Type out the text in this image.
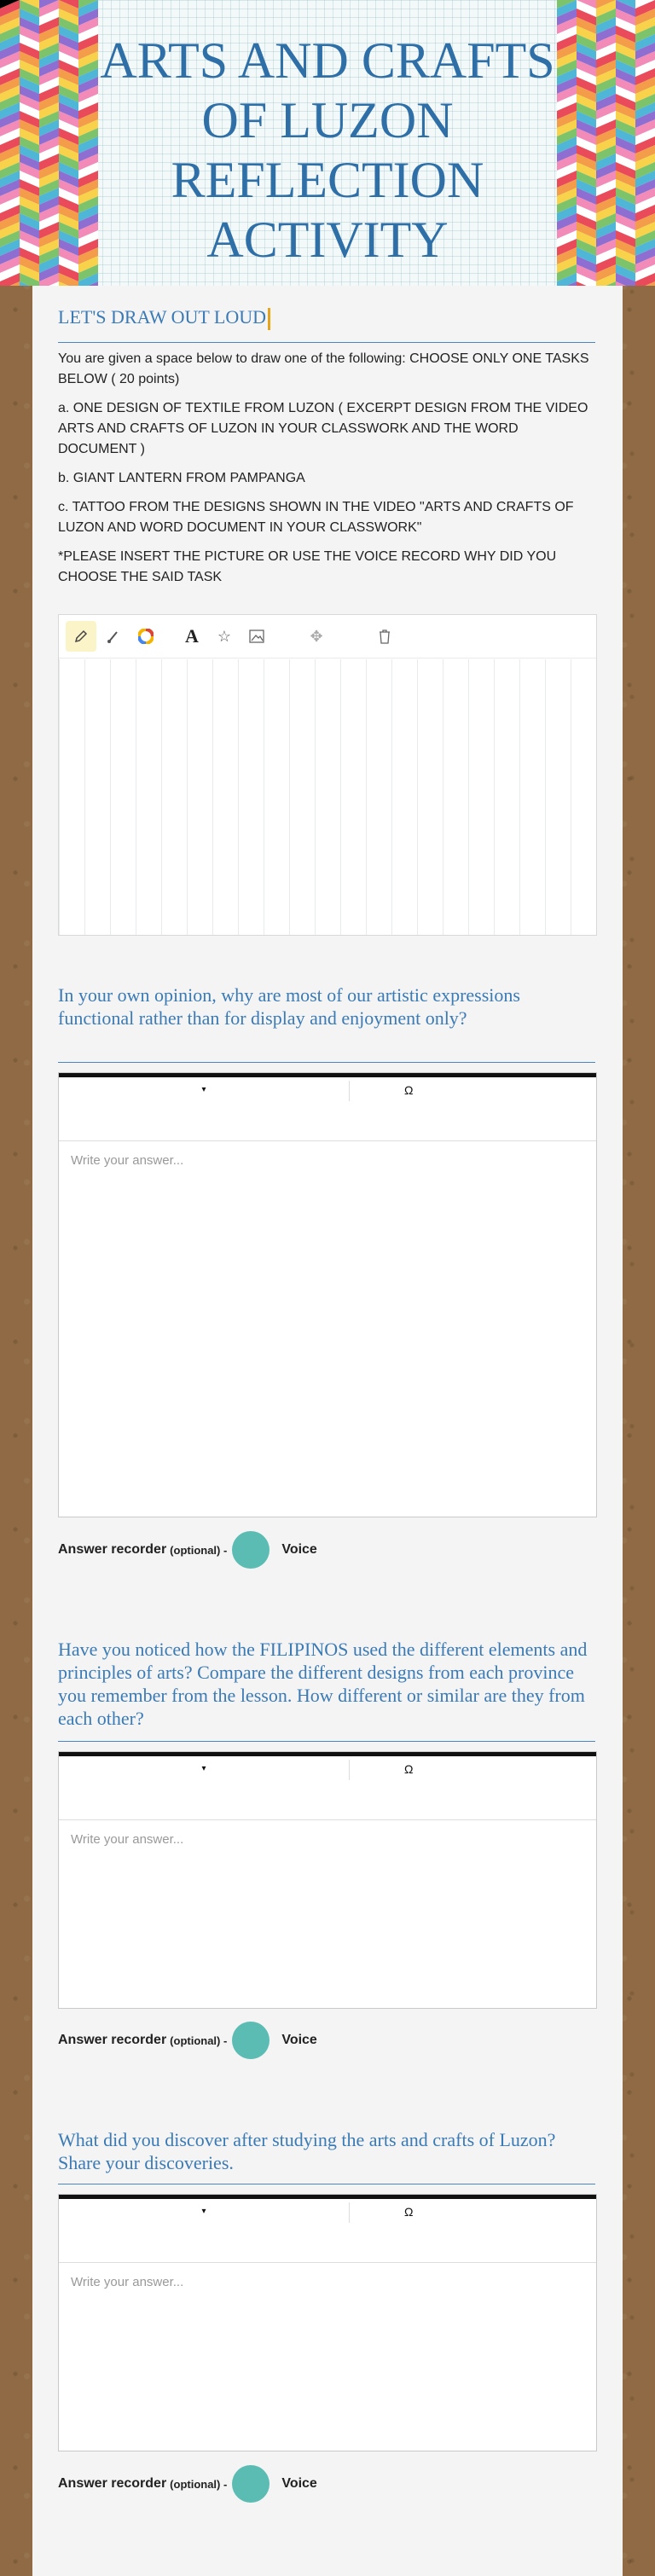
ARTS AND CRAFTS OF LUZON REFLECTION ACTIVITY
LET'S DRAW OUT LOUD

You are given a space below to draw one of the following: CHOOSE ONLY ONE TASKS BELOW ( 20 points)

a. ONE DESIGN OF TEXTILE FROM LUZON ( EXCERPT DESIGN FROM THE VIDEO ARTS AND CRAFTS OF LUZON IN YOUR CLASSWORK AND THE WORD DOCUMENT )

b. GIANT LANTERN FROM PAMPANGA

c. TATTOO FROM THE DESIGNS SHOWN IN THE VIDEO "ARTS AND CRAFTS OF LUZON AND WORD DOCUMENT IN YOUR CLASSWORK"

*PLEASE INSERT THE PICTURE OR USE THE VOICE RECORD WHY DID YOU CHOOSE THE SAID TASK

A	☆	✥
In your own opinion, why are most of our artistic expressions functional rather than for display and enjoyment only?
▾	Ω
Write your answer...
Answer recorder (optional) -	Voice
Have you noticed how the FILIPINOS used the different elements and principles of arts? Compare the different designs from each province you remember from the lesson. How different or similar are they from each other?
▾	Ω
Write your answer...
Answer recorder (optional) -	Voice
What did you discover after studying the arts and crafts of Luzon? Share your discoveries.
▾	Ω
Write your answer...
Answer recorder (optional) -	Voice
